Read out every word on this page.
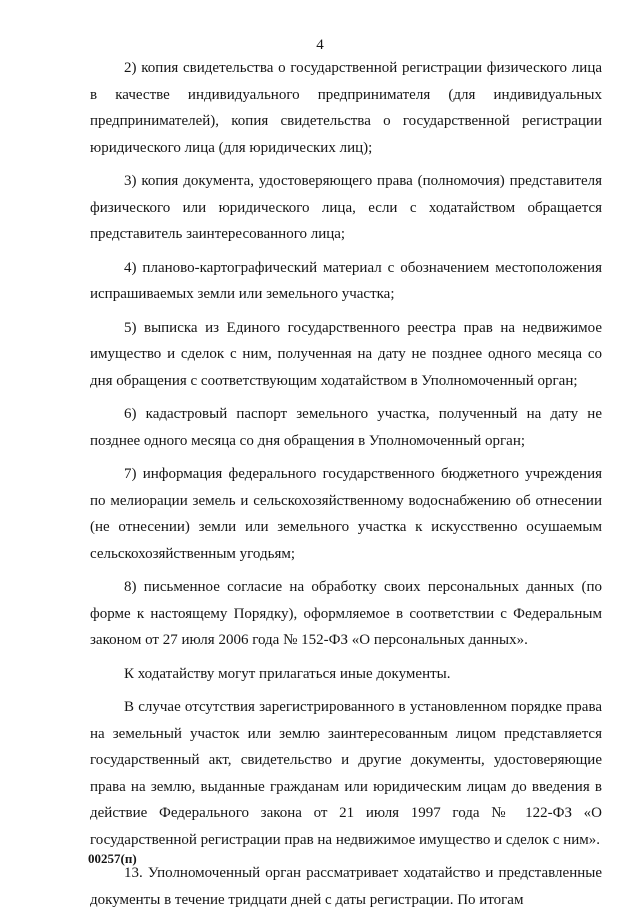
4

2) копия свидетельства о государственной регистрации физического лица в качестве индивидуального предпринимателя (для индивидуальных предпринимателей), копия свидетельства о государственной регистрации юридического лица (для юридических лиц);

3) копия документа, удостоверяющего права (полномочия) представителя физического или юридического лица, если с ходатайством обращается представитель заинтересованного лица;

4) планово-картографический материал с обозначением местоположения испрашиваемых земли или земельного участка;

5) выписка из Единого государственного реестра прав на недвижимое имущество и сделок с ним, полученная на дату не позднее одного месяца со дня обращения с соответствующим ходатайством в Уполномоченный орган;

6) кадастровый паспорт земельного участка, полученный на дату не позднее одного месяца со дня обращения в Уполномоченный орган;

7) информация федерального государственного бюджетного учреждения по мелиорации земель и сельскохозяйственному водоснабжению об отнесении (не отнесении) земли или земельного участка к искусственно осушаемым сельскохозяйственным угодьям;

8) письменное согласие на обработку своих персональных данных (по форме к настоящему Порядку), оформляемое в соответствии с Федеральным законом от 27 июля 2006 года № 152-ФЗ «О персональных данных».

К ходатайству могут прилагаться иные документы.

В случае отсутствия зарегистрированного в установленном порядке права на земельный участок или землю заинтересованным лицом представляется государственный акт, свидетельство и другие документы, удостоверяющие права на землю, выданные гражданам или юридическим лицам до введения в действие Федерального закона от 21 июля 1997 года № 122-ФЗ «О государственной регистрации прав на недвижимое имущество и сделок с ним».

13. Уполномоченный орган рассматривает ходатайство и представленные документы в течение тридцати дней с даты регистрации. По итогам

00257(п)
